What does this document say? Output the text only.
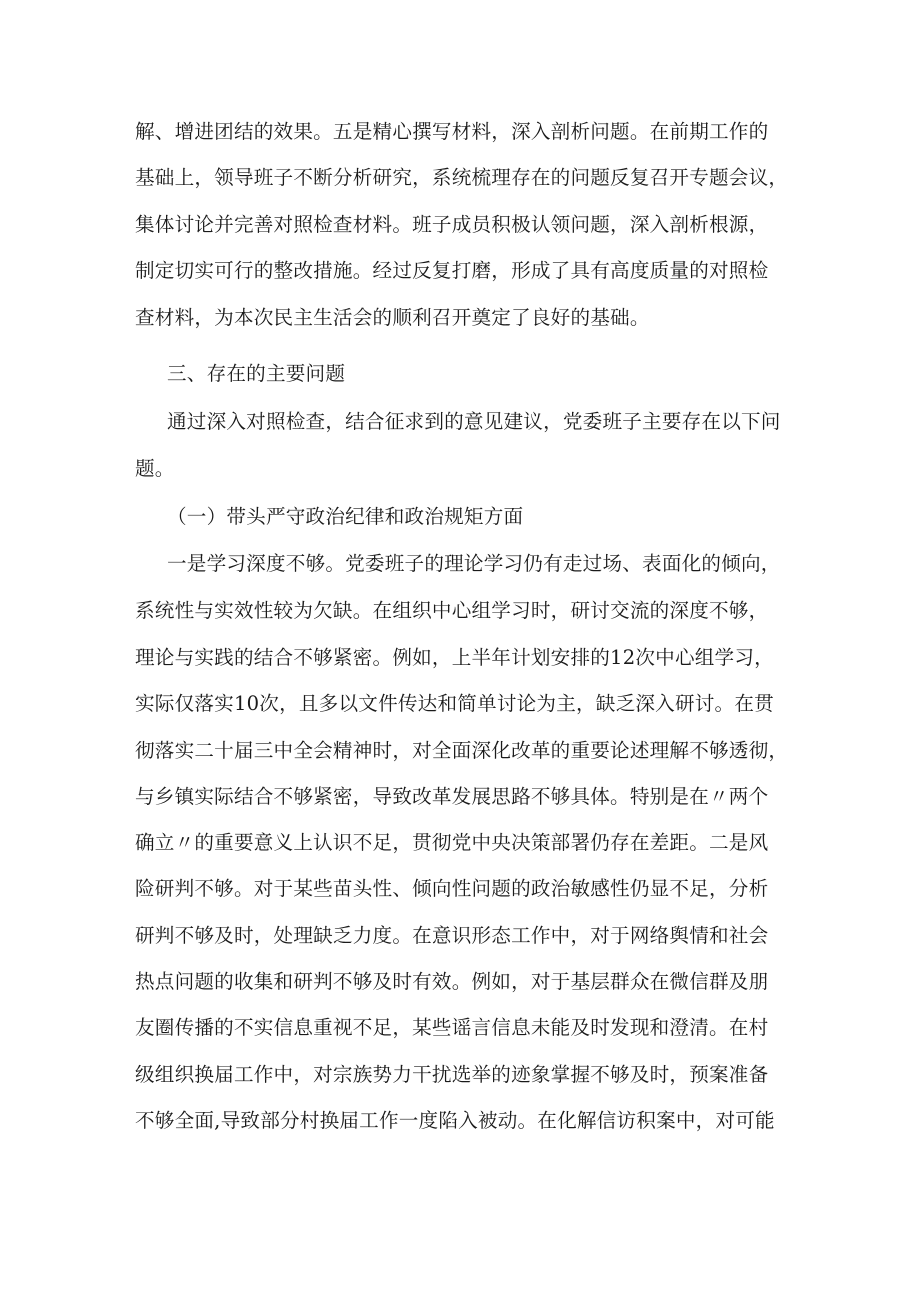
解、增进团结的效果。五是精心撰写材料，深入剖析问题。在前期工作的
基础上，领导班子不断分析研究，系统梳理存在的问题反复召开专题会议，
集体讨论并完善对照检查材料。班子成员积极认领问题，深入剖析根源，
制定切实可行的整改措施。经过反复打磨，形成了具有高度质量的对照检
查材料，为本次民主生活会的顺利召开奠定了良好的基础。
三、存在的主要问题
通过深入对照检查，结合征求到的意见建议，党委班子主要存在以下问
题。
（一）带头严守政治纪律和政治规矩方面
一是学习深度不够。党委班子的理论学习仍有走过场、表面化的倾向，
系统性与实效性较为欠缺。在组织中心组学习时，研讨交流的深度不够，
理论与实践的结合不够紧密。例如，上半年计划安排的12次中心组学习，
实际仅落实10次，且多以文件传达和简单讨论为主，缺乏深入研讨。在贯
彻落实二十届三中全会精神时，对全面深化改革的重要论述理解不够透彻，
与乡镇实际结合不够紧密，导致改革发展思路不够具体。特别是在〃两个
确立〃的重要意义上认识不足，贯彻党中央决策部署仍存在差距。二是风
险研判不够。对于某些苗头性、倾向性问题的政治敏感性仍显不足，分析
研判不够及时，处理缺乏力度。在意识形态工作中，对于网络舆情和社会
热点问题的收集和研判不够及时有效。例如，对于基层群众在微信群及朋
友圈传播的不实信息重视不足，某些谣言信息未能及时发现和澄清。在村
级组织换届工作中，对宗族势力干扰选举的迹象掌握不够及时，预案准备
不够全面,导致部分村换届工作一度陷入被动。在化解信访积案中，对可能
